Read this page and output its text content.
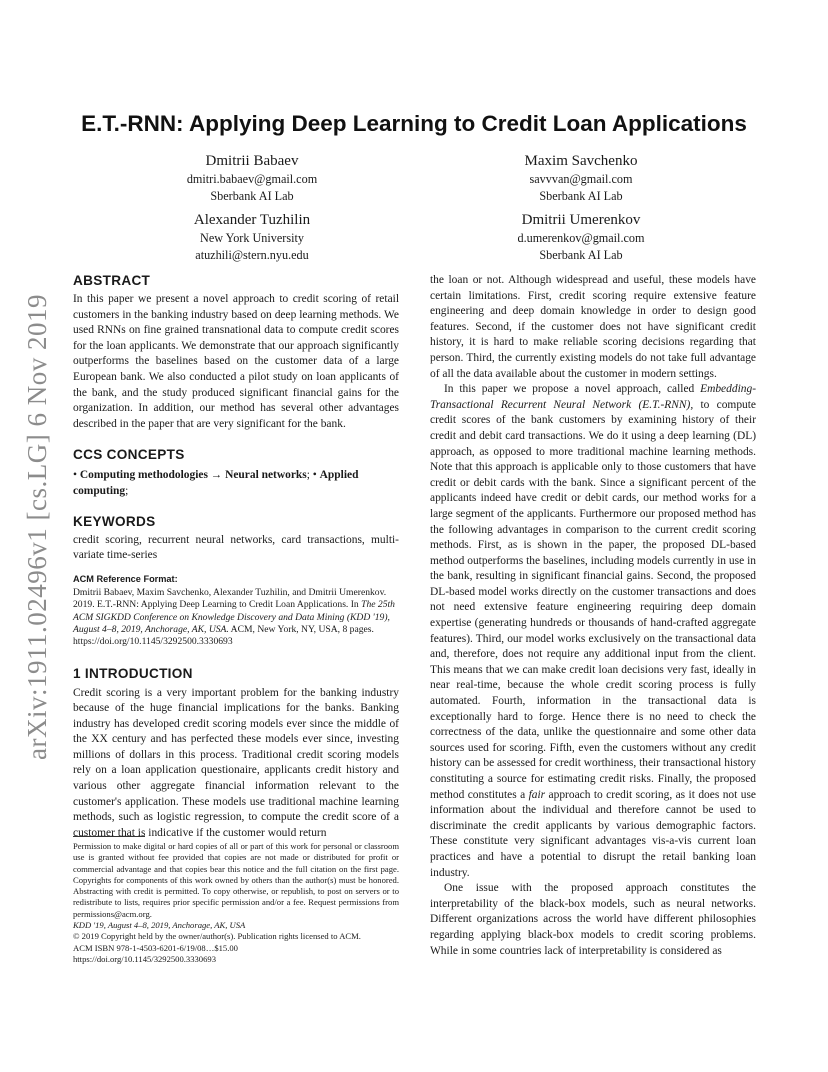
arXiv:1911.02496v1 [cs.LG] 6 Nov 2019
E.T.-RNN: Applying Deep Learning to Credit Loan Applications
Dmitrii Babaev
dmitri.babaev@gmail.com
Sberbank AI Lab
Maxim Savchenko
savvvan@gmail.com
Sberbank AI Lab
Alexander Tuzhilin
New York University
atuzhili@stern.nyu.edu
Dmitrii Umerenkov
d.umerenkov@gmail.com
Sberbank AI Lab
ABSTRACT

In this paper we present a novel approach to credit scoring of retail customers in the banking industry based on deep learning methods. We used RNNs on fine grained transnational data to compute credit scores for the loan applicants. We demonstrate that our approach significantly outperforms the baselines based on the customer data of a large European bank. We also conducted a pilot study on loan applicants of the bank, and the study produced significant financial gains for the organization. In addition, our method has several other advantages described in the paper that are very significant for the bank.

CCS CONCEPTS

• Computing methodologies → Neural networks; • Applied computing;

KEYWORDS

credit scoring, recurrent neural networks, card transactions, multi-variate time-series

ACM Reference Format:

Dmitrii Babaev, Maxim Savchenko, Alexander Tuzhilin, and Dmitrii Umerenkov. 2019. E.T.-RNN: Applying Deep Learning to Credit Loan Applications. In The 25th ACM SIGKDD Conference on Knowledge Discovery and Data Mining (KDD '19), August 4–8, 2019, Anchorage, AK, USA. ACM, New York, NY, USA, 8 pages. https://doi.org/10.1145/3292500.3330693

1 INTRODUCTION

Credit scoring is a very important problem for the banking industry because of the huge financial implications for the banks. Banking industry has developed credit scoring models ever since the middle of the XX century and has perfected these models ever since, investing millions of dollars in this process. Traditional credit scoring models rely on a loan application questionaire, applicants credit history and various other aggregate financial information relevant to the customer's application. These models use traditional machine learning methods, such as logistic regression, to compute the credit score of a customer that is indicative if the customer would return

Permission to make digital or hard copies of all or part of this work for personal or classroom use is granted without fee provided that copies are not made or distributed for profit or commercial advantage and that copies bear this notice and the full citation on the first page. Copyrights for components of this work owned by others than the author(s) must be honored. Abstracting with credit is permitted. To copy otherwise, or republish, to post on servers or to redistribute to lists, requires prior specific permission and/or a fee. Request permissions from permissions@acm.org.

KDD '19, August 4–8, 2019, Anchorage, AK, USA

© 2019 Copyright held by the owner/author(s). Publication rights licensed to ACM.

ACM ISBN 978-1-4503-6201-6/19/08…$15.00

https://doi.org/10.1145/3292500.3330693

the loan or not. Although widespread and useful, these models have certain limitations. First, credit scoring require extensive feature engineering and deep domain knowledge in order to design good features. Second, if the customer does not have significant credit history, it is hard to make reliable scoring decisions regarding that person. Third, the currently existing models do not take full advantage of all the data available about the customer in modern settings.

In this paper we propose a novel approach, called Embedding-Transactional Recurrent Neural Network (E.T.-RNN), to compute credit scores of the bank customers by examining history of their credit and debit card transactions. We do it using a deep learning (DL) approach, as opposed to more traditional machine learning methods. Note that this approach is applicable only to those customers that have credit or debit cards with the bank. Since a significant percent of the applicants indeed have credit or debit cards, our method works for a large segment of the applicants. Furthermore our proposed method has the following advantages in comparison to the current credit scoring methods. First, as is shown in the paper, the proposed DL-based method outperforms the baselines, including models currently in use in the bank, resulting in significant financial gains. Second, the proposed DL-based model works directly on the customer transactions and does not need extensive feature engineering requiring deep domain expertise (generating hundreds or thousands of hand-crafted aggregate features). Third, our model works exclusively on the transactional data and, therefore, does not require any additional input from the client. This means that we can make credit loan decisions very fast, ideally in near real-time, because the whole credit scoring process is fully automated. Fourth, information in the transactional data is exceptionally hard to forge. Hence there is no need to check the correctness of the data, unlike the questionnaire and some other data sources used for scoring. Fifth, even the customers without any credit history can be assessed for credit worthiness, their transactional history constituting a source for estimating credit risks. Finally, the proposed method constitutes a fair approach to credit scoring, as it does not use information about the individual and therefore cannot be used to discriminate the credit applicants by various demographic factors. These constitute very significant advantages vis-a-vis current loan practices and have a potential to disrupt the retail banking loan industry.

One issue with the proposed approach constitutes the interpretability of the black-box models, such as neural networks. Different organizations across the world have different philosophies regarding applying black-box models to credit scoring problems. While in some countries lack of interpretability is considered as
